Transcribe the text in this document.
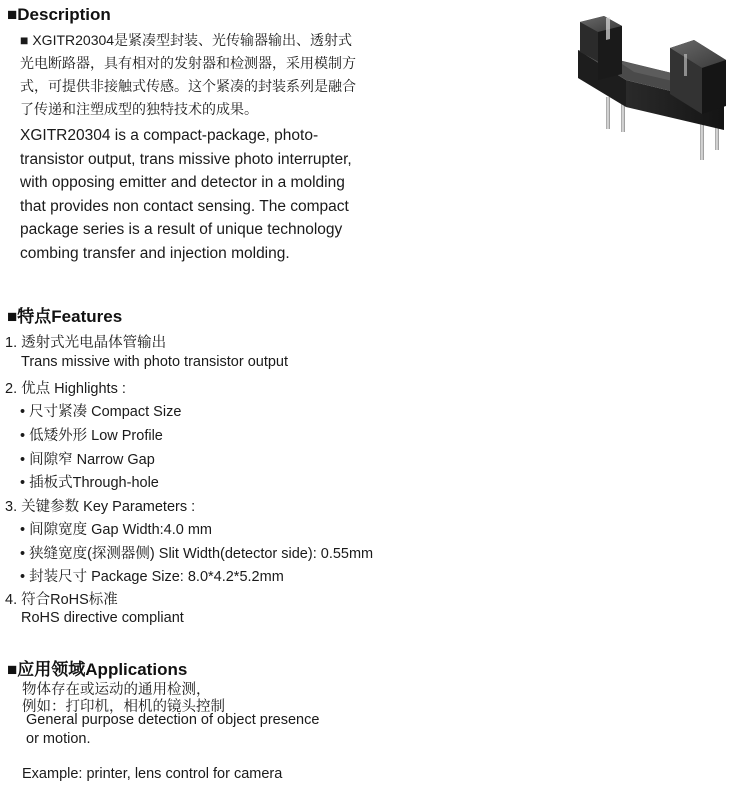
■Description
■ XGITR20304是紧凑型封装、光传输器输出、透射式
光电断路器，具有相对的发射器和检测器，采用模制方
式，可提供非接触式传感。这个紧凑的封装系列是融合
了传递和注塑成型的独特技术的成果。
XGITR20304 is a compact-package, photo-
transistor output, trans missive photo interrupter,
with opposing emitter and detector in a molding
that provides non contact sensing. The compact
package series is a result of unique technology
combing transfer and injection molding.
■特点Features
1. 透射式光电晶体管输出
Trans missive with photo transistor output
2. 优点 Highlights :
• 尺寸紧凑 Compact Size
• 低矮外形 Low Profile
• 间隙窄 Narrow Gap
• 插板式Through-hole
3. 关键参数 Key Parameters :
• 间隙宽度 Gap Width:4.0 mm
• 狭缝宽度(探测器侧) Slit Width(detector side): 0.55mm
• 封装尺寸 Package Size: 8.0*4.2*5.2mm
4. 符合RoHS标准
RoHS directive compliant
■应用领域Applications
物体存在或运动的通用检测，
例如：打印机，相机的镜头控制
General purpose detection of object presence
or motion.
Example: printer, lens control for camera
